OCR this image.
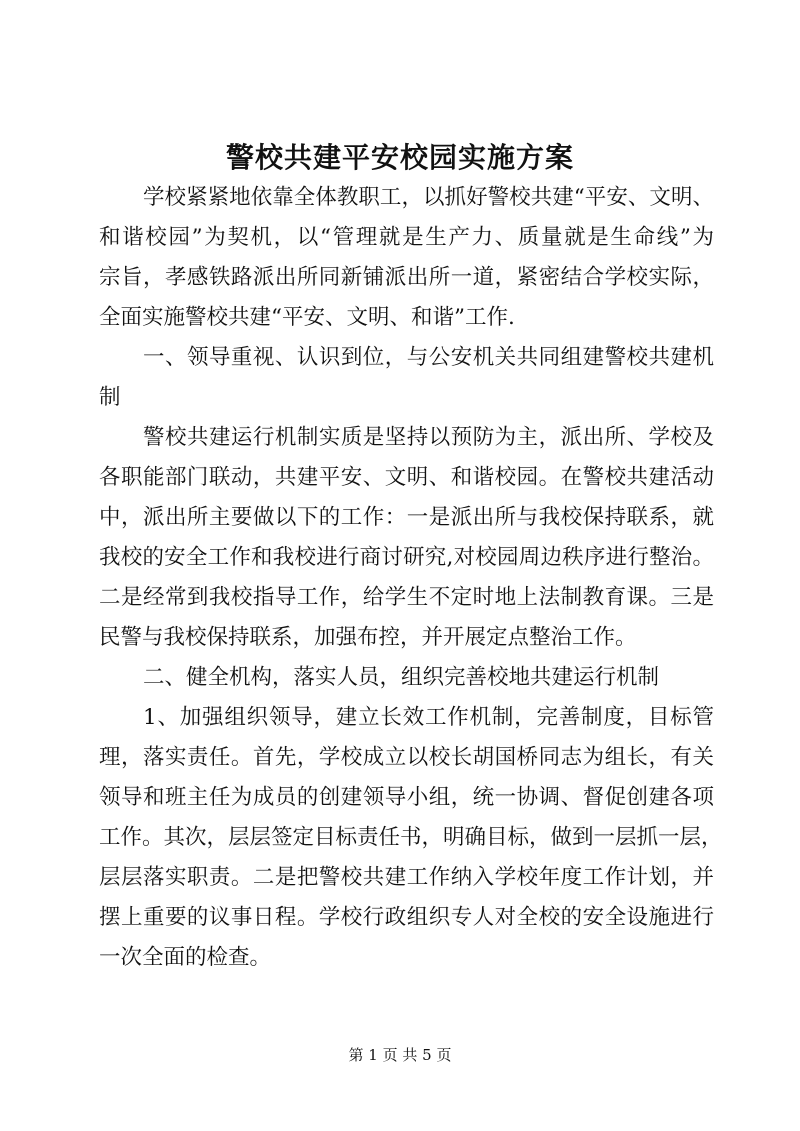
警校共建平安校园实施方案
学校紧紧地依靠全体教职工，以抓好警校共建“平安、文明、
和谐校园”为契机，以“管理就是生产力、质量就是生命线”为
宗旨，孝感铁路派出所同新铺派出所一道，紧密结合学校实际，
全面实施警校共建“平安、文明、和谐”工作.
一、领导重视、认识到位，与公安机关共同组建警校共建机
制
警校共建运行机制实质是坚持以预防为主，派出所、学校及
各职能部门联动，共建平安、文明、和谐校园。在警校共建活动
中，派出所主要做以下的工作：一是派出所与我校保持联系，就
我校的安全工作和我校进行商讨研究,对校园周边秩序进行整治。
二是经常到我校指导工作，给学生不定时地上法制教育课。三是
民警与我校保持联系，加强布控，并开展定点整治工作。
二、健全机构，落实人员，组织完善校地共建运行机制
1、加强组织领导，建立长效工作机制，完善制度，目标管
理，落实责任。首先，学校成立以校长胡国桥同志为组长，有关
领导和班主任为成员的创建领导小组，统一协调、督促创建各项
工作。其次，层层签定目标责任书，明确目标，做到一层抓一层，
层层落实职责。二是把警校共建工作纳入学校年度工作计划，并
摆上重要的议事日程。学校行政组织专人对全校的安全设施进行
一次全面的检查。
第 1 页 共 5 页
